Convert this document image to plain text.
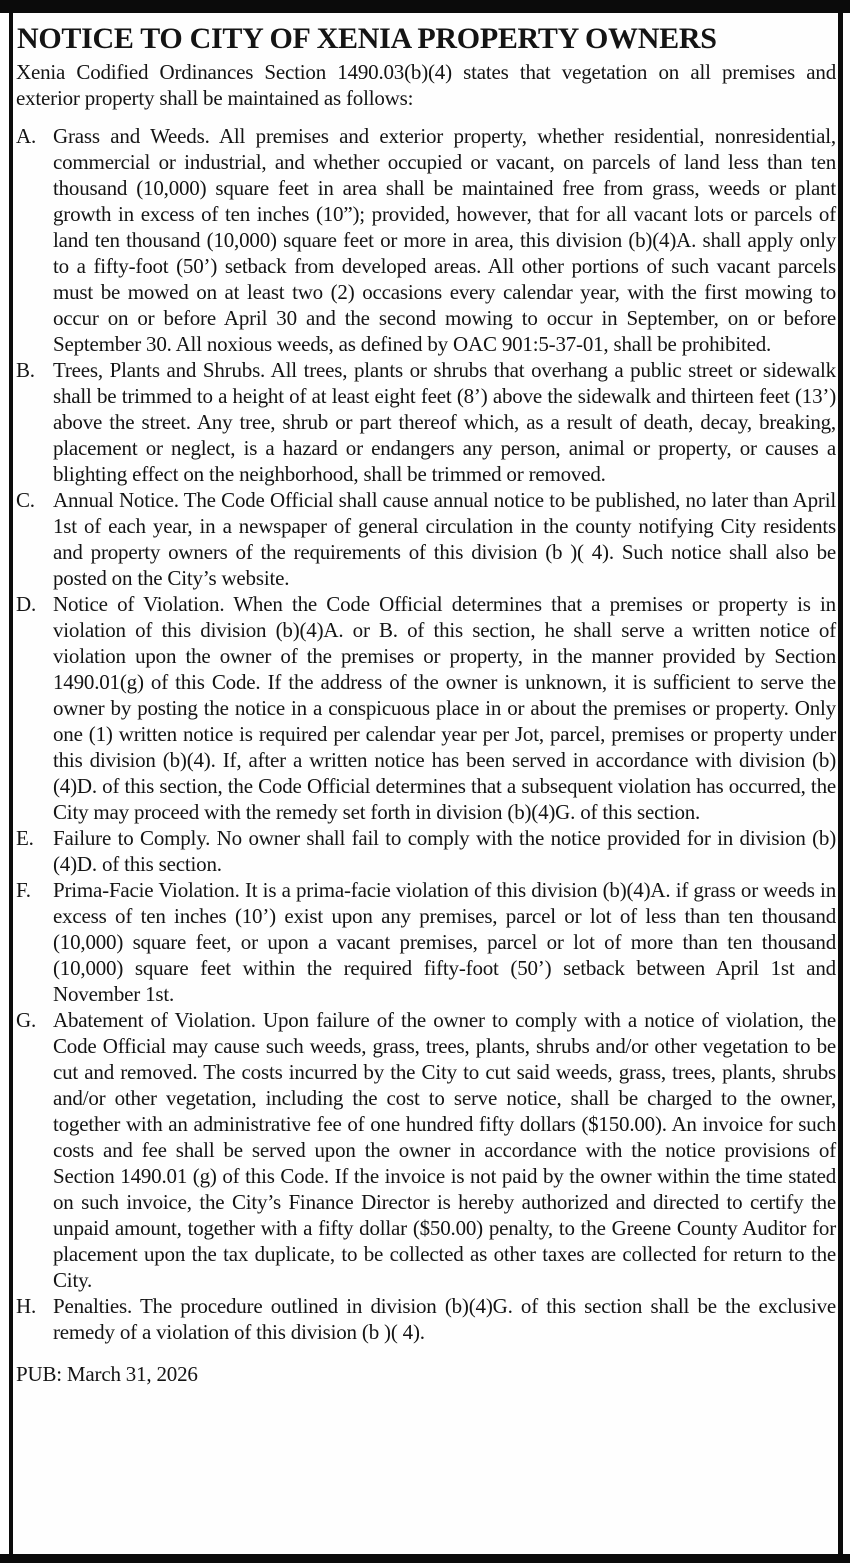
NOTICE TO CITY OF XENIA PROPERTY OWNERS
Xenia Codified Ordinances Section 1490.03(b)(4) states that vegetation on all premises and exterior property shall be maintained as follows:
A. Grass and Weeds. All premises and exterior property, whether residential, nonresidential, commercial or industrial, and whether occupied or vacant, on parcels of land less than ten thousand (10,000) square feet in area shall be maintained free from grass, weeds or plant growth in excess of ten inches (10”); provided, however, that for all vacant lots or parcels of land ten thousand (10,000) square feet or more in area, this division (b)(4)A. shall apply only to a fifty-foot (50’) setback from developed areas. All other portions of such vacant parcels must be mowed on at least two (2) occasions every calendar year, with the first mowing to occur on or before April 30 and the second mowing to occur in September, on or before September 30. All noxious weeds, as defined by OAC 901:5-37-01, shall be prohibited.
B. Trees, Plants and Shrubs. All trees, plants or shrubs that overhang a public street or sidewalk shall be trimmed to a height of at least eight feet (8’) above the sidewalk and thirteen feet (13’) above the street. Any tree, shrub or part thereof which, as a result of death, decay, breaking, placement or neglect, is a hazard or endangers any person, animal or property, or causes a blighting effect on the neighborhood, shall be trimmed or removed.
C. Annual Notice. The Code Official shall cause annual notice to be published, no later than April 1st of each year, in a newspaper of general circulation in the county notifying City residents and property owners of the requirements of this division (b )( 4). Such notice shall also be posted on the City’s website.
D. Notice of Violation. When the Code Official determines that a premises or property is in violation of this division (b)(4)A. or B. of this section, he shall serve a written notice of violation upon the owner of the premises or property, in the manner provided by Section 1490.01(g) of this Code. If the address of the owner is unknown, it is sufficient to serve the owner by posting the notice in a conspicuous place in or about the premises or property. Only one (1) written notice is required per calendar year per Jot, parcel, premises or property under this division (b)(4). If, after a written notice has been served in accordance with division (b)(4)D. of this section, the Code Official determines that a subsequent violation has occurred, the City may proceed with the remedy set forth in division (b)(4)G. of this section.
E. Failure to Comply. No owner shall fail to comply with the notice provided for in division (b)(4)D. of this section.
F. Prima-Facie Violation. It is a prima-facie violation of this division (b)(4)A. if grass or weeds in excess of ten inches (10’) exist upon any premises, parcel or lot of less than ten thousand (10,000) square feet, or upon a vacant premises, parcel or lot of more than ten thousand (10,000) square feet within the required fifty-foot (50’) setback between April 1st and November 1st.
G. Abatement of Violation. Upon failure of the owner to comply with a notice of violation, the Code Official may cause such weeds, grass, trees, plants, shrubs and/or other vegetation to be cut and removed. The costs incurred by the City to cut said weeds, grass, trees, plants, shrubs and/or other vegetation, including the cost to serve notice, shall be charged to the owner, together with an administrative fee of one hundred fifty dollars ($150.00). An invoice for such costs and fee shall be served upon the owner in accordance with the notice provisions of Section 1490.01 (g) of this Code. If the invoice is not paid by the owner within the time stated on such invoice, the City’s Finance Director is hereby authorized and directed to certify the unpaid amount, together with a fifty dollar ($50.00) penalty, to the Greene County Auditor for placement upon the tax duplicate, to be collected as other taxes are collected for return to the City.
H. Penalties. The procedure outlined in division (b)(4)G. of this section shall be the exclusive remedy of a violation of this division (b )( 4).
PUB: March 31, 2026
